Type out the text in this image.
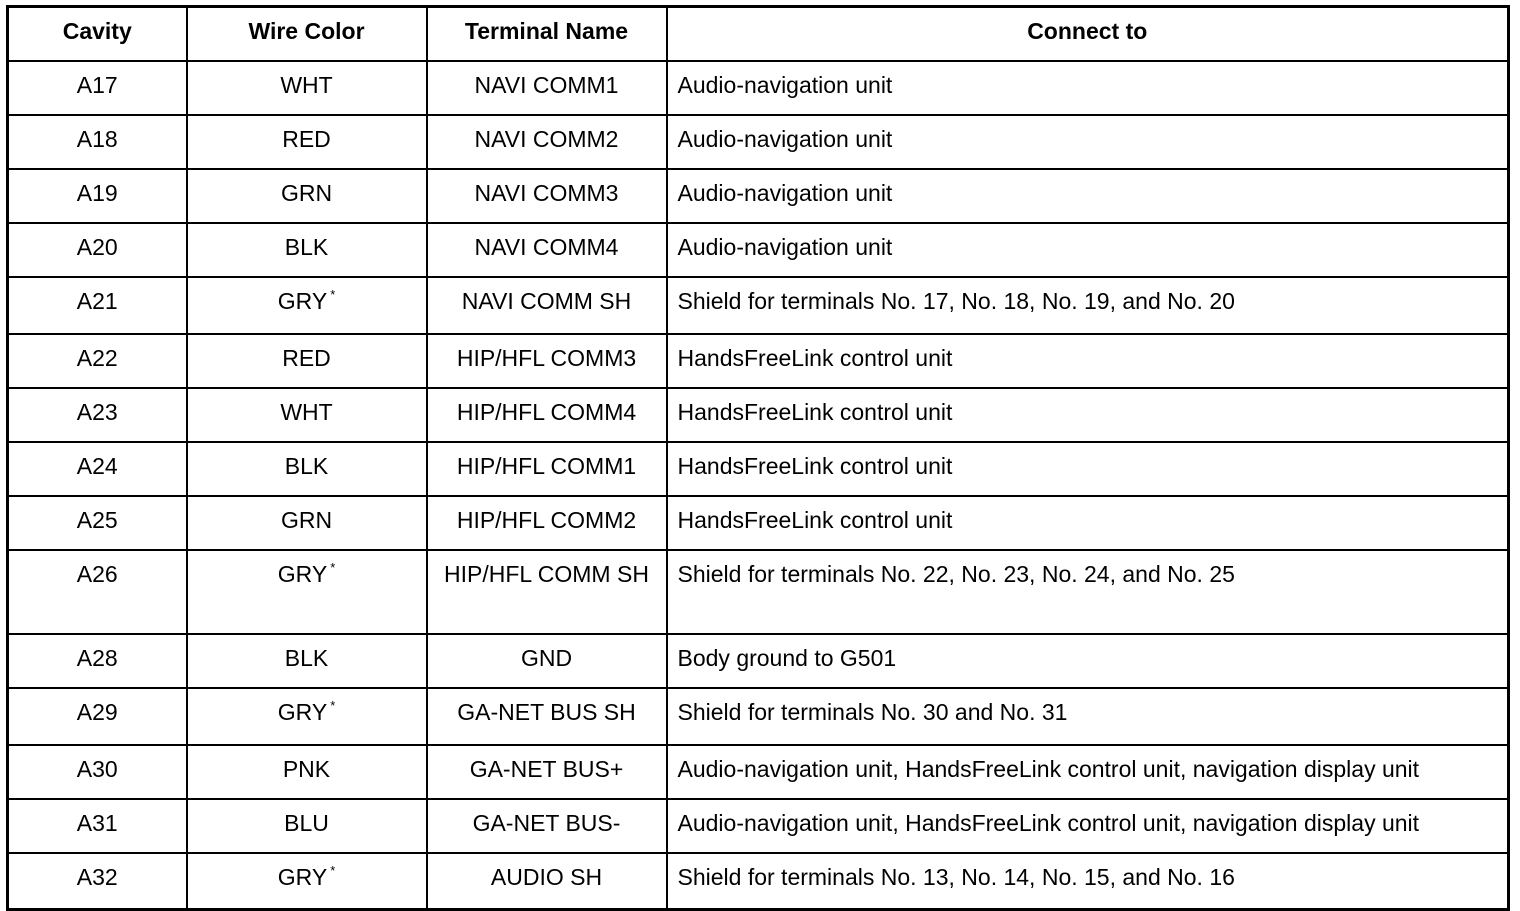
Cavity	Wire Color	Terminal Name	Connect to
A17	WHT	NAVI COMM1	Audio-navigation unit
A18	RED	NAVI COMM2	Audio-navigation unit
A19	GRN	NAVI COMM3	Audio-navigation unit
A20	BLK	NAVI COMM4	Audio-navigation unit
A21	GRY *	NAVI COMM SH	Shield for terminals No. 17, No. 18, No. 19, and No. 20
A22	RED	HIP/HFL COMM3	HandsFreeLink control unit
A23	WHT	HIP/HFL COMM4	HandsFreeLink control unit
A24	BLK	HIP/HFL COMM1	HandsFreeLink control unit
A25	GRN	HIP/HFL COMM2	HandsFreeLink control unit
A26	GRY *	HIP/HFL COMM SH	Shield for terminals No. 22, No. 23, No. 24, and No. 25
A28	BLK	GND	Body ground to G501
A29	GRY *	GA-NET BUS SH	Shield for terminals No. 30 and No. 31
A30	PNK	GA-NET BUS+	Audio-navigation unit, HandsFreeLink control unit, navigation display unit
A31	BLU	GA-NET BUS-	Audio-navigation unit, HandsFreeLink control unit, navigation display unit
A32	GRY *	AUDIO SH	Shield for terminals No. 13, No. 14, No. 15, and No. 16
